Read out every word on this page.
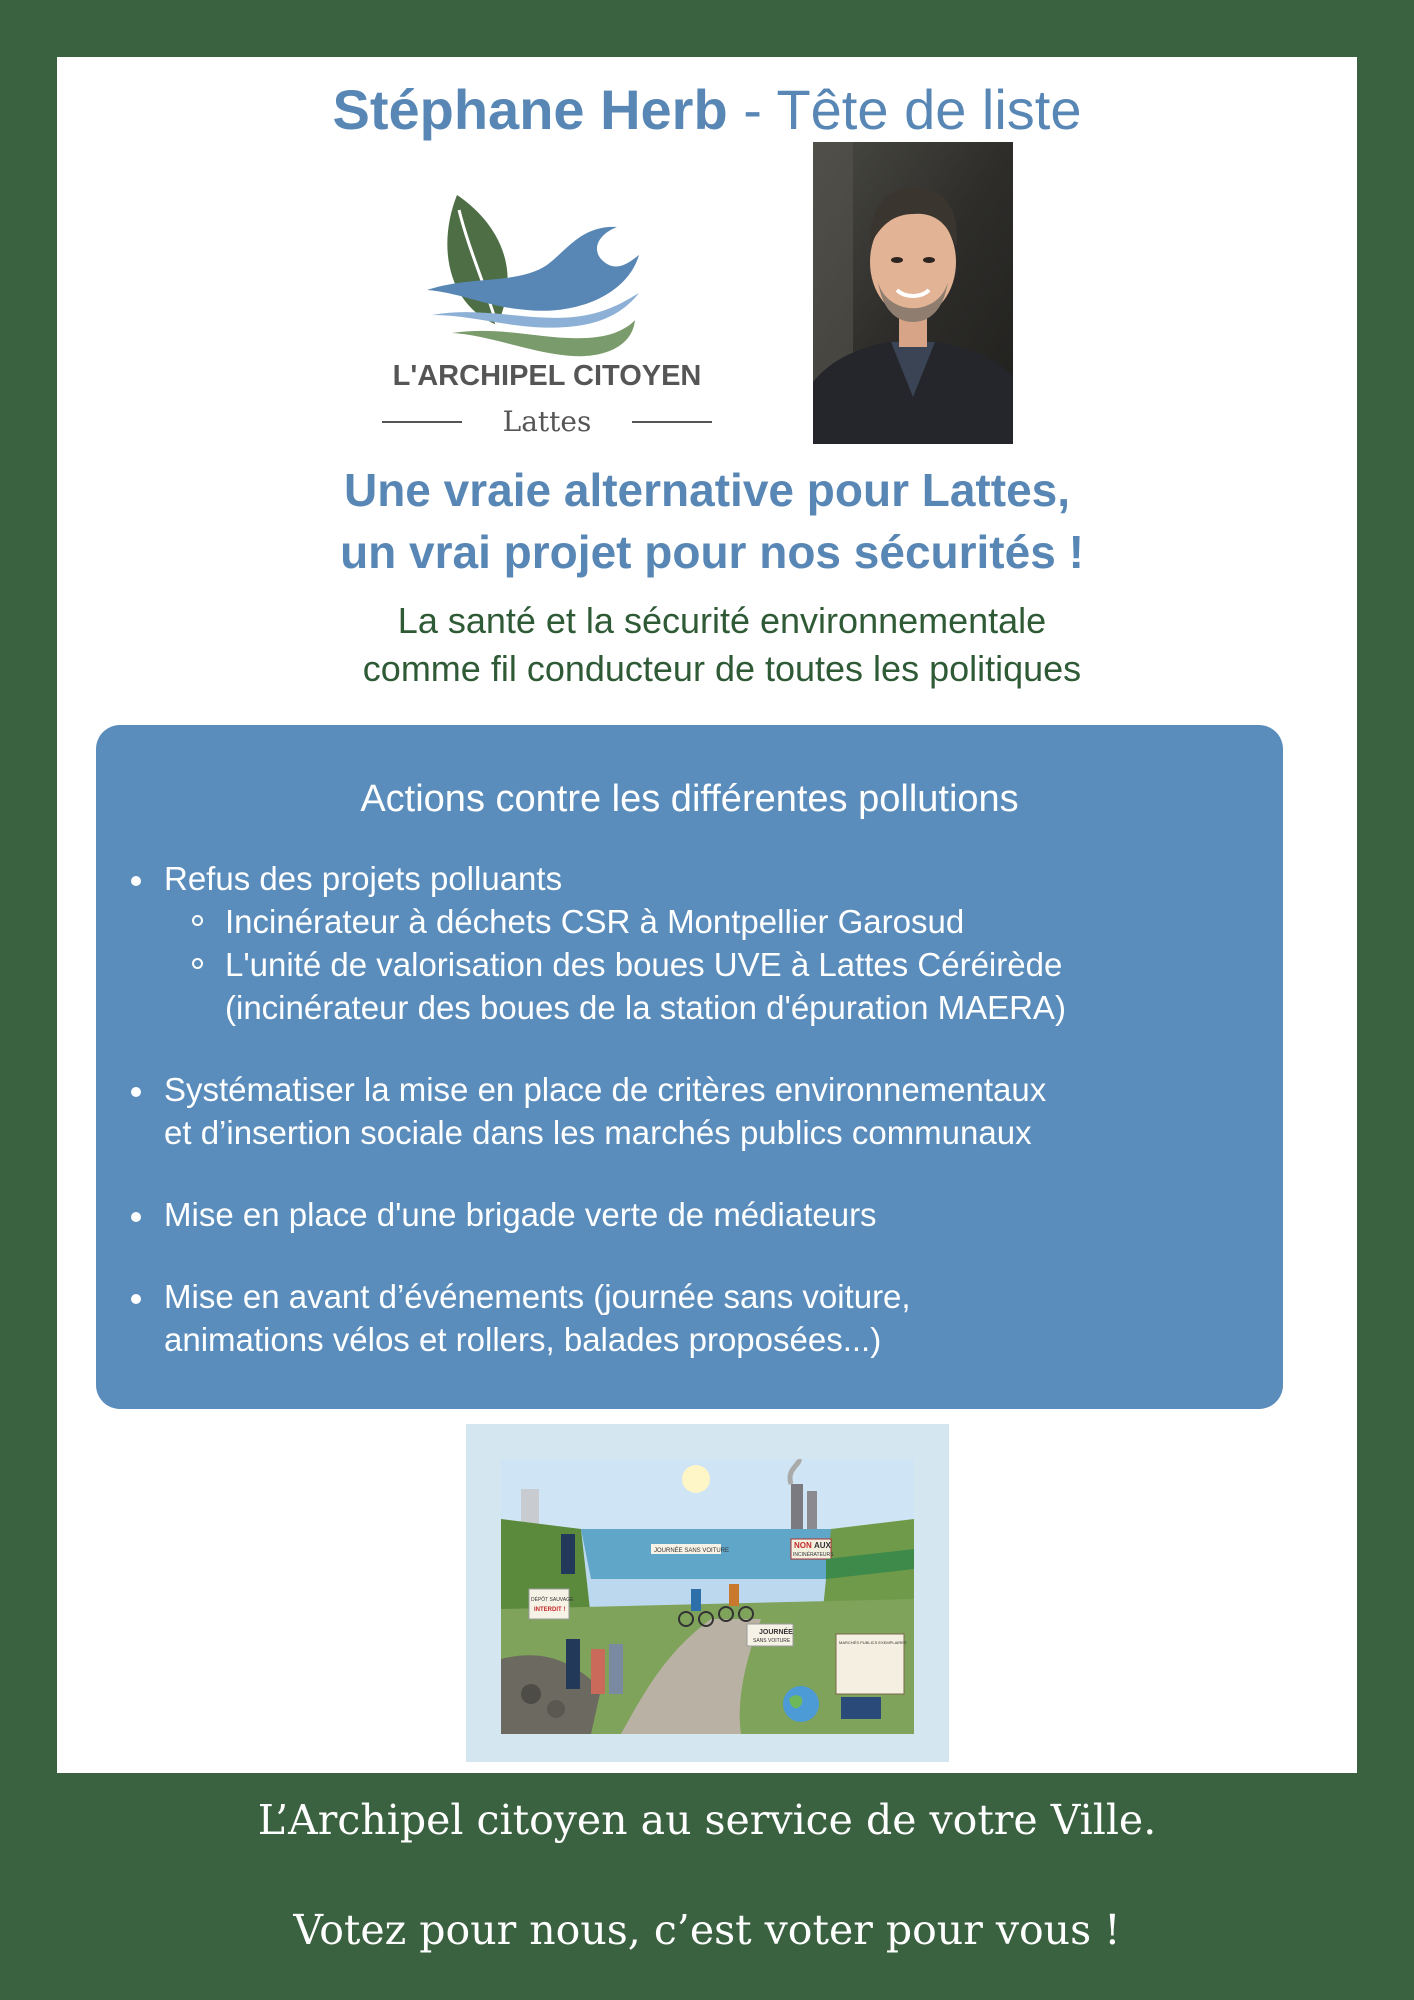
Stéphane Herb - Tête de liste
L'ARCHIPEL CITOYEN
Lattes
Une vraie alternative pour Lattes,
un vrai projet pour nos sécurités !
La santé et la sécurité environnementale
comme fil conducteur de toutes les politiques
Actions contre les différentes pollutions
Refus des projets polluants
Incinérateur à déchets CSR à Montpellier Garosud
L'unité de valorisation des boues UVE à Lattes Céréirède
(incinérateur des boues de la station d'épuration MAERA)
Systématiser la mise en place de critères environnementaux
et d’insertion sociale dans les marchés publics communaux
Mise en place d'une brigade verte de médiateurs
Mise en avant d’événements (journée sans voiture,
animations vélos et rollers, balades proposées...)
NON AUX
INCINÉRATEURS
JOURNÉE SANS VOITURE
JOURNÉE
SANS VOITURE
DÉPÔT SAUVAGE
INTERDIT !
MARCHÉS PUBLICS EXEMPLAIRES
L’Archipel citoyen au service de votre Ville.
Votez pour nous, c’est voter pour vous !
